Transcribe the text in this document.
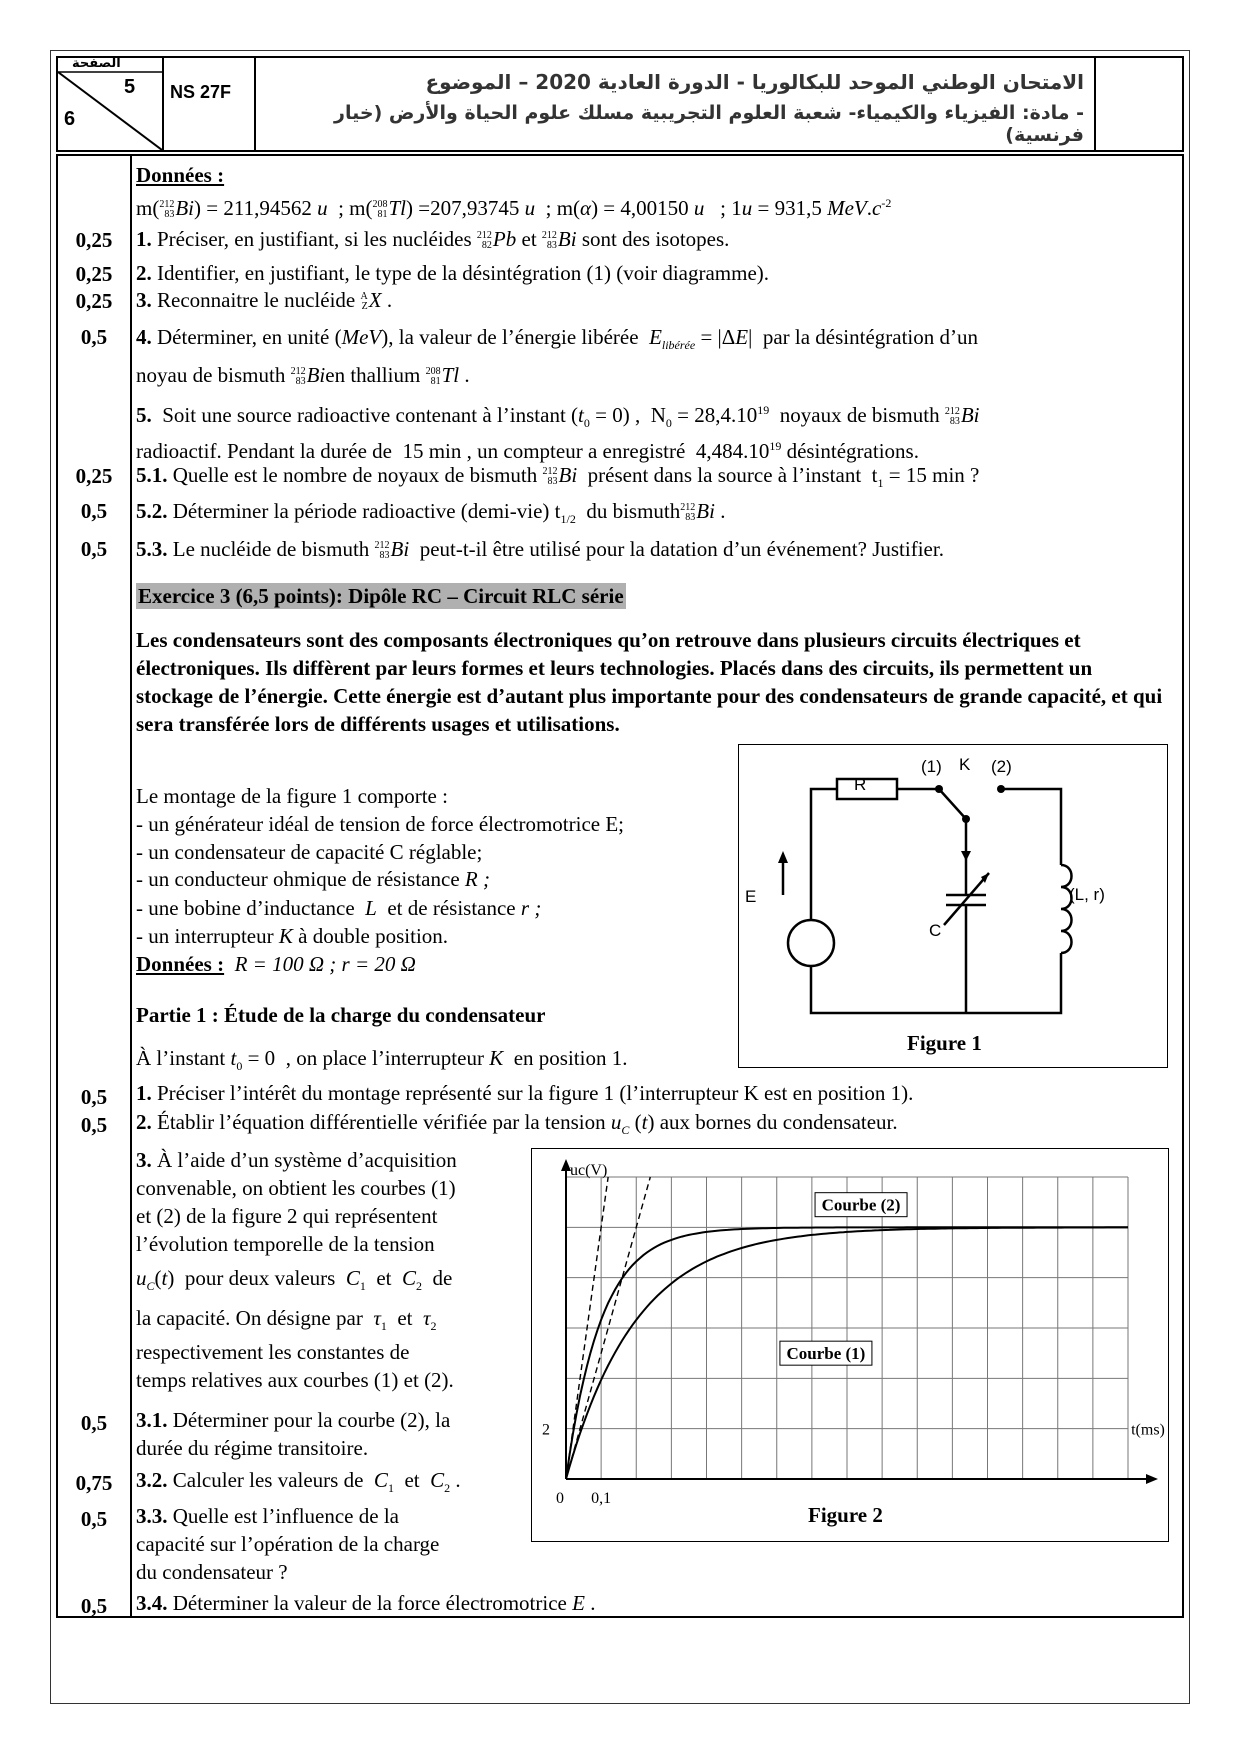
الصفحة
5
6
NS 27F	الامتحان الوطني الموحد للبكالوريا - الدورة العادية 2020 – الموضوع
- مادة: الفيزياء والكيمياء- شعبة العلوم التجريبية مسلك علوم الحياة والأرض (خيار فرنسية)
0,25
0,25
0,25
0,5
0,25
0,5
0,5
0,5
0,5
0,5
0,75
0,5
0,5
Données :
m(212
83Bi) = 211,94562 u  ; m(208
81Tl) =207,93745 u  ; m(α) = 4,00150 u   ; 1u = 931,5 $MeV.c^{-2}$
1. Préciser, en justifiant, si les nucléides 212
82Pb et 212
83Bi sont des isotopes.
2. Identifier, en justifiant, le type de la désintégration (1) (voir diagramme).
3. Reconnaitre le nucléide A
ZX .
4. Déterminer, en unité (MeV), la valeur de l’énergie libérée $E_{libérée} = |\Delta E|$  par la désintégration d’un
noyau de bismuth 212
83Bien thallium 208
81Tl .
5. Soit une source radioactive contenant à l’instant $(t_0 = 0)$ ,  $N_0 = 28,4.10^{19}$ noyaux de bismuth 212
83Bi
radioactif. Pendant la durée de 15 min , un compteur a enregistré 4,484.10$^{19}$ désintégrations.
5.1. Quelle est le nombre de noyaux de bismuth 212
83Bi présent dans la source à l’instant  $t_1 = 15$ min ?
5.2. Déterminer la période radioactive (demi-vie) $t_{1/2}$ du bismuth212
83Bi .
5.3. Le nucléide de bismuth 212
83Bi peut-t-il être utilisé pour la datation d’un événement? Justifier.
Exercice 3 (6,5 points): Dipôle RC – Circuit RLC série
Les condensateurs sont des composants électroniques qu’on retrouve dans plusieurs circuits électriques et électroniques. Ils diffèrent par leurs formes et leurs technologies. Placés dans des circuits, ils permettent un stockage de l’énergie. Cette énergie est d’autant plus importante pour des condensateurs de grande capacité, et qui sera transférée lors de différents usages et utilisations.
R
(1) K (2)
E
C
(L, r)
Figure 1
Le montage de la figure 1 comporte :
- un générateur idéal de tension de force électromotrice E;
- un condensateur de capacité C réglable;
- un conducteur ohmique de résistance R ;
- une bobine d’inductance L et de résistance r ;
- un interrupteur K à double position.
Données : R = 100 Ω ; r = 20 Ω
Partie 1 : Étude de la charge du condensateur
À l’instant $t_0 = 0$  , on place l’interrupteur K en position 1.
1. Préciser l’intérêt du montage représenté sur la figure 1 (l’interrupteur K est en position 1).
2. Établir l’équation différentielle vérifiée par la tension $u_C$ (t) aux bornes du condensateur.
3. À l’aide d’un système d’acquisition
convenable, on obtient les courbes (1)
et (2) de la figure 2 qui représentent
l’évolution temporelle de la tension
$u_C(t)$  pour deux valeurs $C_1$ et $C_2$ de
la capacité. On désigne par $\tau_1$ et $\tau_2$
respectivement les constantes de
temps relatives aux courbes (1) et (2).
3.1. Déterminer pour la courbe (2), la
durée du régime transitoire.
3.2. Calculer les valeurs de $C_1$ et $C_2$ .
3.3. Quelle est l’influence de la
capacité sur l’opération de la charge
du condensateur ?
3.4. Déterminer la valeur de la force électromotrice E .
Courbe (2)
Courbe (1)
0 0,1
2
uc(V)
t(ms)
Figure 2
